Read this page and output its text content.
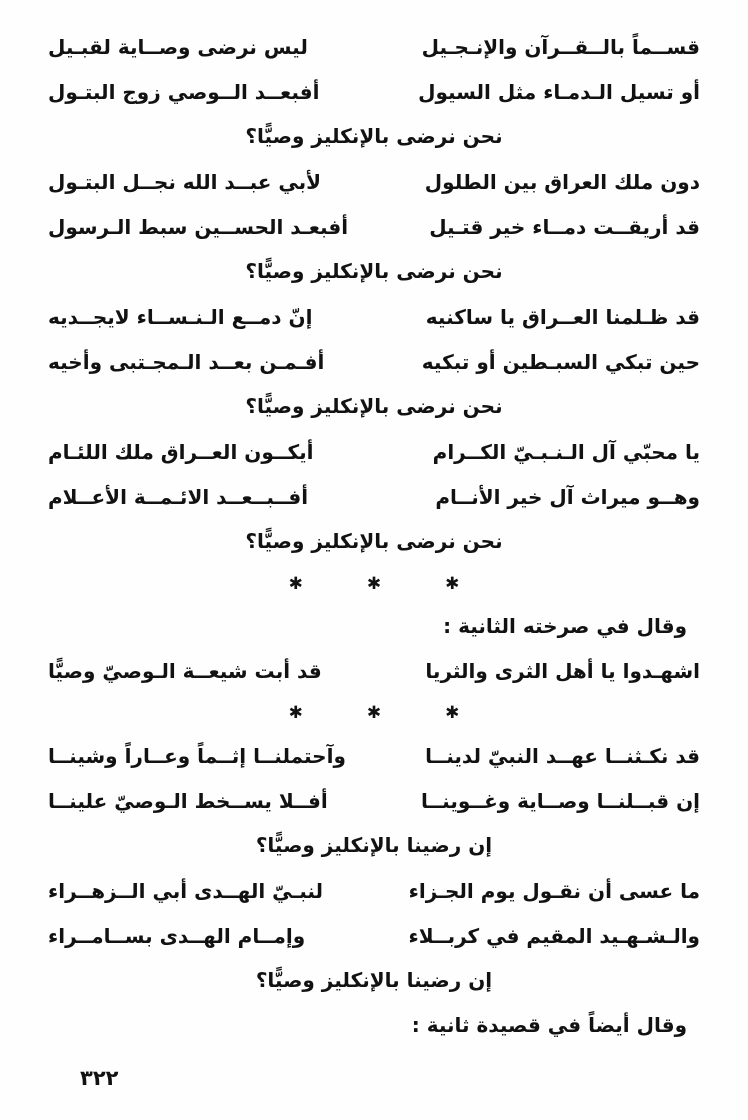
قســماً بالــقــرآن والإنـجـيل
ليس نرضى وصــاية لقبـيل
أو تسيل الـدمـاء مثل السيول
أفبعــد الــوصي زوج البتـول
نحن نرضى بالإنكليز وصيًّا؟
دون ملك العراق بين الطلول
لأبي عبــد الله نجــل البتـول
قد أريقــت دمــاء خير قتـيل
أفبعـد الحســين سبط الـرسول
نحن نرضى بالإنكليز وصيًّا؟
قد ظـلمنا العــراق يا ساكنيه
إنّ دمــع الـنـســاء لايجــديه
حين تبكي السبـطين أو تبكيه
أفـمـن بعــد الـمجـتبى وأخيه
نحن نرضى بالإنكليز وصيًّا؟
يا محبّي آل الـنـبـيّ الكــرام
أيكــون العــراق ملك اللئـام
وهــو ميراث آل خير الأنــام
أفــبــعــد الائـمــة الأعــلام
نحن نرضى بالإنكليز وصيًّا؟
✱
✱
✱
وقال في صرخته الثانية :
اشهـدوا يا أهل الثرى والثريا
قد أبت شيعــة الـوصيّ وصيًّا
✱
✱
✱
قد نكـثنــا عهــد النبيّ لدينــا
وآحتملنــا إثــماً وعــاراً وشينــا
إن قبــلنــا وصــاية وغــوينــا
أفــلا يســخط الـوصيّ علينــا
إن رضينا بالإنكليز وصيًّا؟
ما عسى أن نقـول يوم الجـزاء
لنبـيّ الهــدى أبي الــزهــراء
والـشـهـيد المقيم في كربــلاء
وإمــام الهــدى بســامــراء
إن رضينا بالإنكليز وصيًّا؟
وقال أيضاً في قصيدة ثانية :
٣٢٢
